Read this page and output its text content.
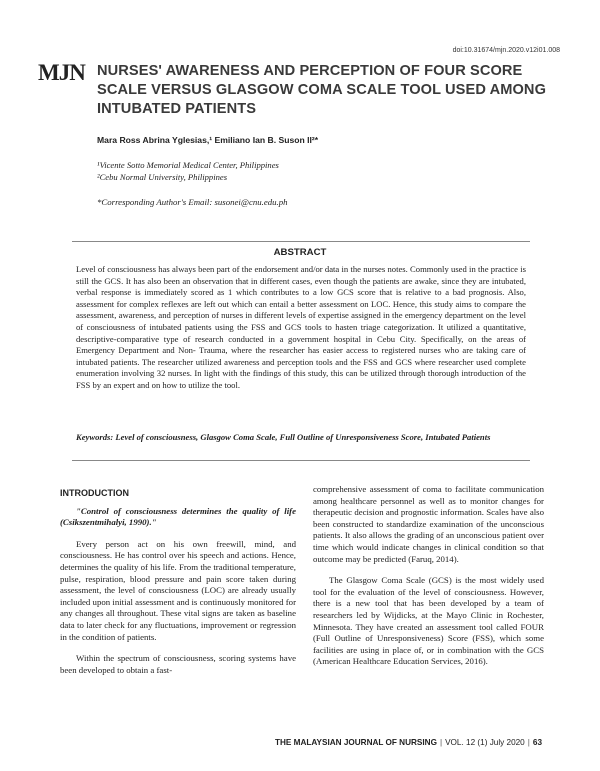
doi:10.31674/mjn.2020.v12i01.008
MJN NURSES' AWARENESS AND PERCEPTION OF FOUR SCORE SCALE VERSUS GLASGOW COMA SCALE TOOL USED AMONG INTUBATED PATIENTS
Mara Ross Abrina Yglesias,¹ Emiliano Ian B. Suson II²*
¹Vicente Sotto Memorial Medical Center, Philippines
²Cebu Normal University, Philippines
*Corresponding Author's Email: susonei@cnu.edu.ph
ABSTRACT
Level of consciousness has always been part of the endorsement and/or data in the nurses notes. Commonly used in the practice is still the GCS. It has also been an observation that in different cases, even though the patients are awake, since they are intubated, verbal response is immediately scored as 1 which contributes to a low GCS score that is relative to a bad prognosis. Also, assessment for complex reflexes are left out which can entail a better assessment on LOC. Hence, this study aims to compare the assessment, awareness, and perception of nurses in different levels of expertise assigned in the emergency department on the level of consciousness of intubated patients using the FSS and GCS tools to hasten triage categorization. It utilized a quantitative, descriptive-comparative type of research conducted in a government hospital in Cebu City. Specifically, on the areas of Emergency Department and Non- Trauma, where the researcher has easier access to registered nurses who are taking care of intubated patients. The researcher utilized awareness and perception tools and the FSS and GCS where researcher used complete enumeration involving 32 nurses. In light with the findings of this study, this can be utilized through thorough introduction of the FSS by an expert and on how to utilize the tool.
Keywords: Level of consciousness, Glasgow Coma Scale, Full Outline of Unresponsiveness Score, Intubated Patients
INTRODUCTION

"Control of consciousness determines the quality of life (Csikszentmihalyi, 1990)."

Every person act on his own freewill, mind, and consciousness. He has control over his speech and actions. Hence, determines the quality of his life. From the traditional temperature, pulse, respiration, blood pressure and pain score taken during assessment, the level of consciousness (LOC) are already usually included upon initial assessment and is continuously monitored for any changes all throughout. These vital signs are taken as baseline data to later check for any fluctuations, improvement or regression in the condition of patients.

Within the spectrum of consciousness, scoring systems have been developed to obtain a fast-

comprehensive assessment of coma to facilitate communication among healthcare personnel as well as to monitor changes for therapeutic decision and prognostic information. Scales have also been constructed to standardize examination of the unconscious patients. It also allows the grading of an unconscious patient over time which would indicate changes in clinical condition so that outcome may be predicted (Faruq, 2014).

The Glasgow Coma Scale (GCS) is the most widely used tool for the evaluation of the level of consciousness. However, there is a new tool that has been developed by a team of researchers led by Wijdicks, at the Mayo Clinic in Rochester, Minnesota. They have created an assessment tool called FOUR (Full Outline of Unresponsiveness) Score (FSS), which some facilities are using in place of, or in combination with the GCS (American Healthcare Education Services, 2016).

THE MALAYSIAN JOURNAL OF NURSING | VOL. 12 (1) July 2020 | 63
